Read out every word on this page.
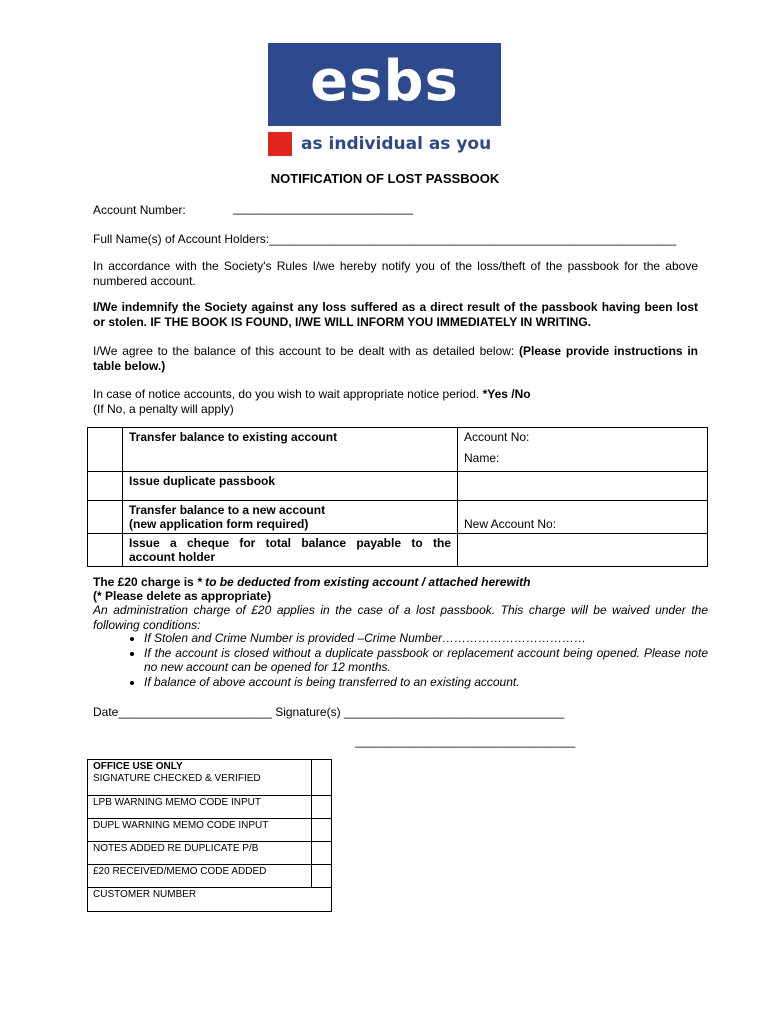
esbs
as individual as you
NOTIFICATION OF LOST PASSBOOK
Account Number:	___________________________
Full Name(s) of Account Holders:_____________________________________________________________
In accordance with the Society's Rules I/we hereby notify you of the loss/theft of the passbook for the above numbered account.
I/We indemnify the Society against any loss suffered as a direct result of the passbook having been lost or stolen. IF THE BOOK IS FOUND, I/WE WILL INFORM YOU IMMEDIATELY IN WRITING.
I/We agree to the balance of this account to be dealt with as detailed below: (Please provide instructions in table below.)
In case of notice accounts, do you wish to wait appropriate notice period. *Yes /No
(If No, a penalty will apply)
	Transfer balance to existing account	Account No:
Name:

	Issue duplicate passbook	

	Transfer balance to a new account
(new application form required)	New Account No:

	Issue a cheque for total balance payable to the
account holder	

The £20 charge is * to be deducted from existing account / attached herewith
(* Please delete as appropriate)
An administration charge of £20 applies in the case of a lost passbook. This charge will be waived under the following conditions:
• If Stolen and Crime Number is provided –Crime Number………………………………
• If the account is closed without a duplicate passbook or replacement account being opened. Please note no new account can be opened for 12 months.
• If balance of above account is being transferred to an existing account.
Date_______________________ Signature(s) _________________________________
_________________________________
OFFICE USE ONLY
SIGNATURE CHECKED & VERIFIED	

LPB WARNING MEMO CODE INPUT	
DUPL WARNING MEMO CODE INPUT	
NOTES ADDED RE DUPLICATE P/B	
£20 RECEIVED/MEMO CODE ADDED	
CUSTOMER NUMBER	
